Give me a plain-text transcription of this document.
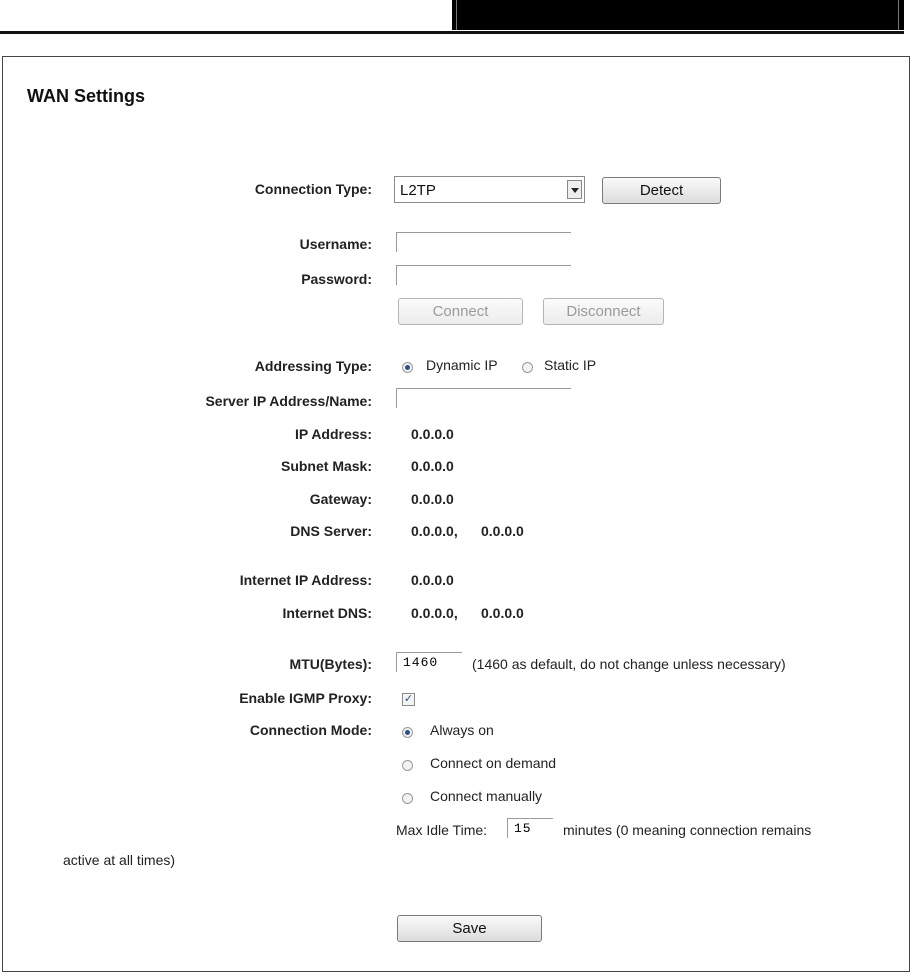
WAN Settings
Connection Type: L2TP	Detect
Username:
Password:
Connect	Disconnect
Addressing Type:	Dynamic IP	Static IP
Server IP Address/Name:
IP Address:	0.0.0.0
Subnet Mask:	0.0.0.0
Gateway:	0.0.0.0
DNS Server:	0.0.0.0, 0.0.0.0
Internet IP Address:	0.0.0.0
Internet DNS:	0.0.0.0, 0.0.0.0
MTU(Bytes):
1460	(1460 as default, do not change unless necessary)
Enable IGMP Proxy:	✓
Connection Mode:	Always on
Connect on demand
Connect manually
Max Idle Time:
15	minutes (0 meaning connection remains
active at all times)
Save
